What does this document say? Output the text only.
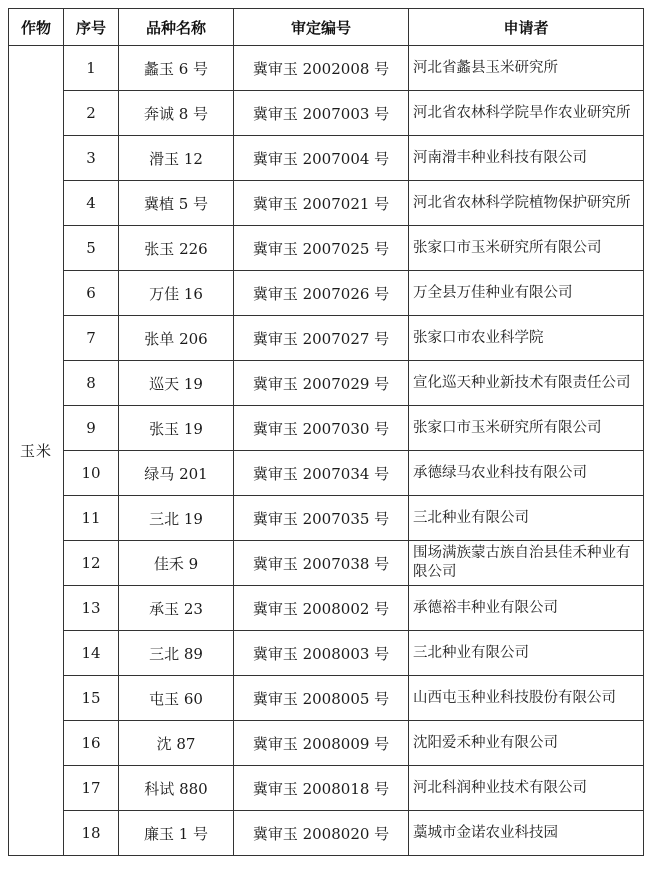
作物	序号	品种名称	审定编号	申请者
玉米	1	蠡玉 6 号	冀审玉 2002008 号	河北省蠡县玉米研究所
	2	奔诚 8 号	冀审玉 2007003 号	河北省农林科学院旱作农业研究所
	3	滑玉 12	冀审玉 2007004 号	河南滑丰种业科技有限公司
	4	冀植 5 号	冀审玉 2007021 号	河北省农林科学院植物保护研究所
	5	张玉 226	冀审玉 2007025 号	张家口市玉米研究所有限公司
	6	万佳 16	冀审玉 2007026 号	万全县万佳种业有限公司
	7	张单 206	冀审玉 2007027 号	张家口市农业科学院
	8	巡天 19	冀审玉 2007029 号	宣化巡天种业新技术有限责任公司
	9	张玉 19	冀审玉 2007030 号	张家口市玉米研究所有限公司
	10	绿马 201	冀审玉 2007034 号	承德绿马农业科技有限公司
	11	三北 19	冀审玉 2007035 号	三北种业有限公司
	12	佳禾 9	冀审玉 2007038 号	围场满族蒙古族自治县佳禾种业有限公司
	13	承玉 23	冀审玉 2008002 号	承德裕丰种业有限公司
	14	三北 89	冀审玉 2008003 号	三北种业有限公司
	15	屯玉 60	冀审玉 2008005 号	山西屯玉种业科技股份有限公司
	16	沈 87	冀审玉 2008009 号	沈阳爱禾种业有限公司
	17	科试 880	冀审玉 2008018 号	河北科润种业技术有限公司
	18	廉玉 1 号	冀审玉 2008020 号	藁城市金诺农业科技园
